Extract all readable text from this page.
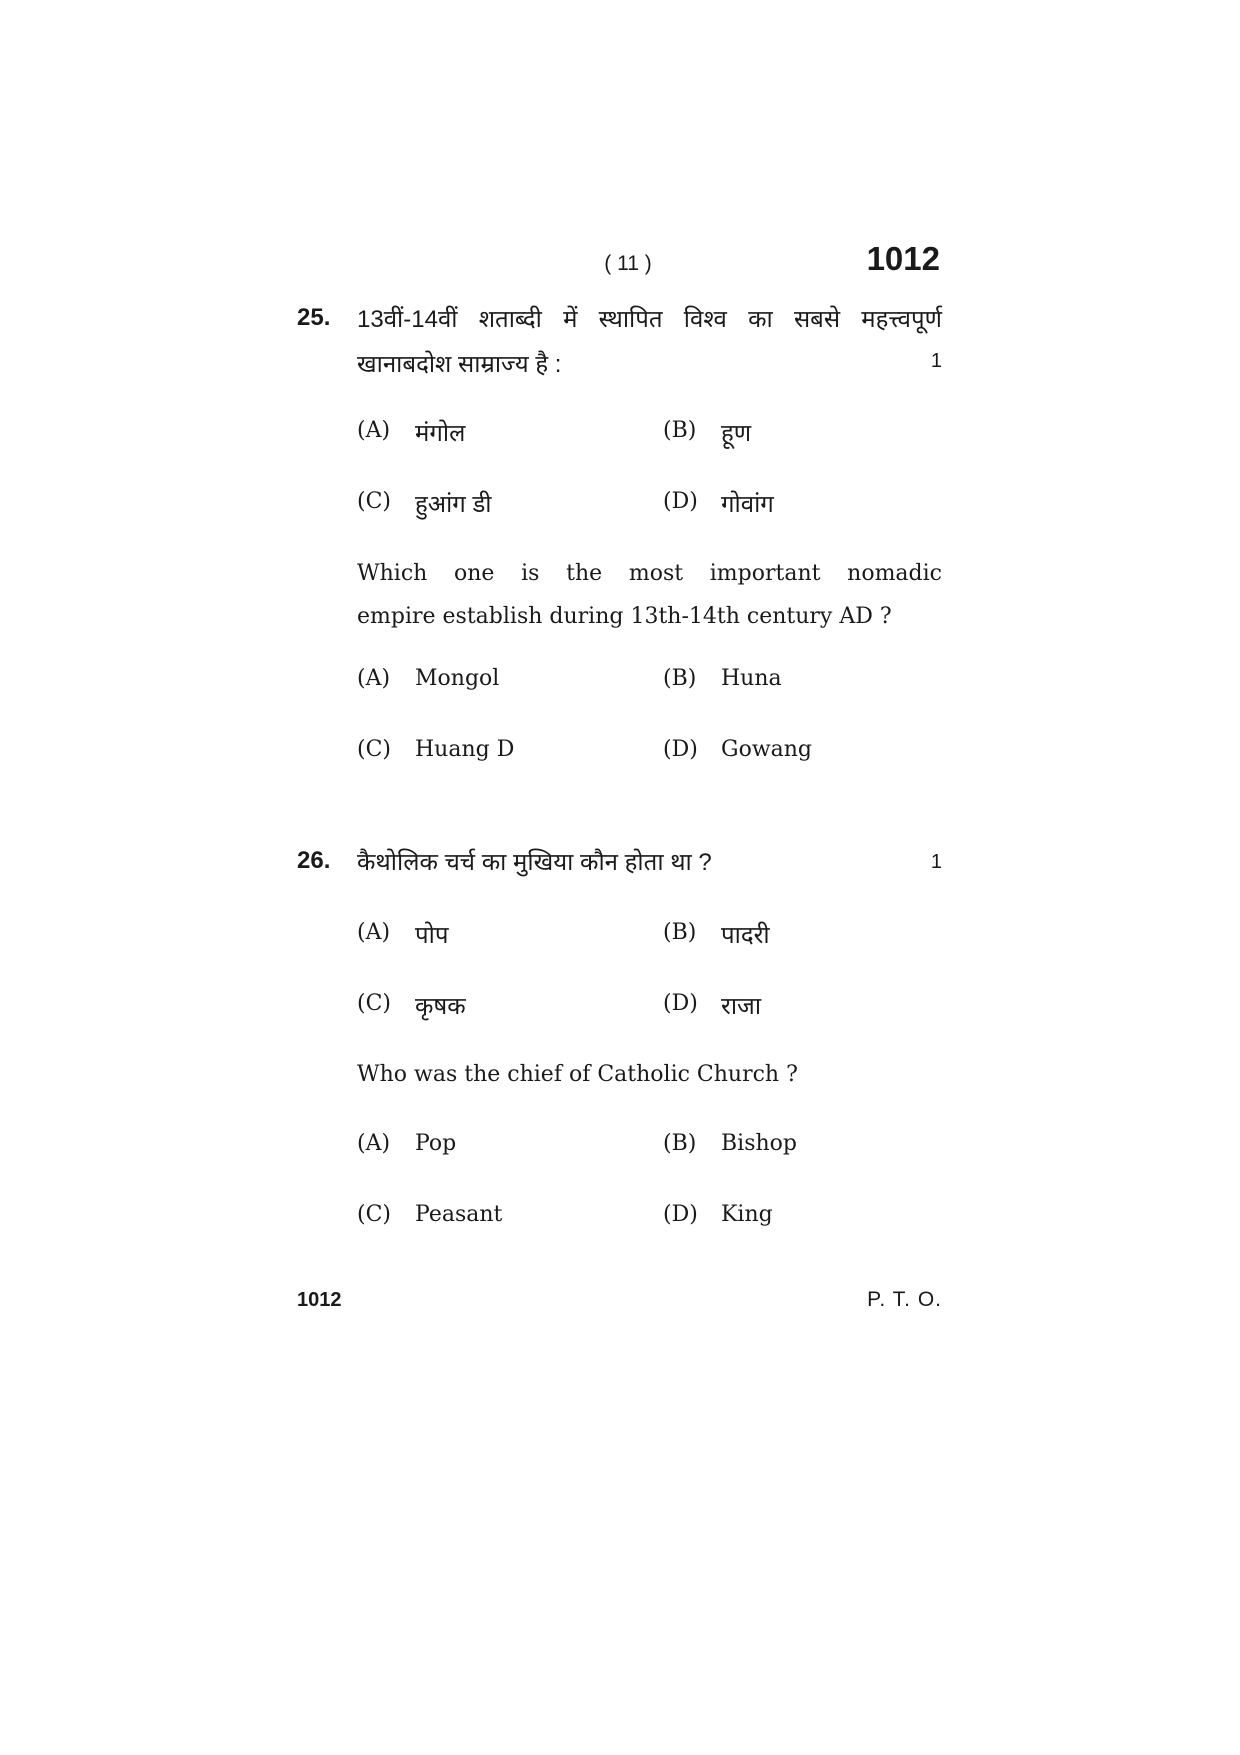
( 11 )	1012
25. 13वीं-14वीं शताब्दी में स्थापित विश्व का सबसे महत्त्वपूर्ण
खानाबदोश साम्राज्य है :	1
(A) मंगोल	(B) हूण
(C) हुआंग डी	(D) गोवांग
Which one is the most important nomadic
empire establish during 13th-14th century AD ?
(A) Mongol	(B) Huna
(C) Huang D	(D) Gowang
26. कैथोलिक चर्च का मुखिया कौन होता था ?	1
(A) पोप	(B) पादरी
(C) कृषक	(D) राजा
Who was the chief of Catholic Church ?
(A) Pop	(B) Bishop
(C) Peasant	(D) King
1012	P. T. O.
